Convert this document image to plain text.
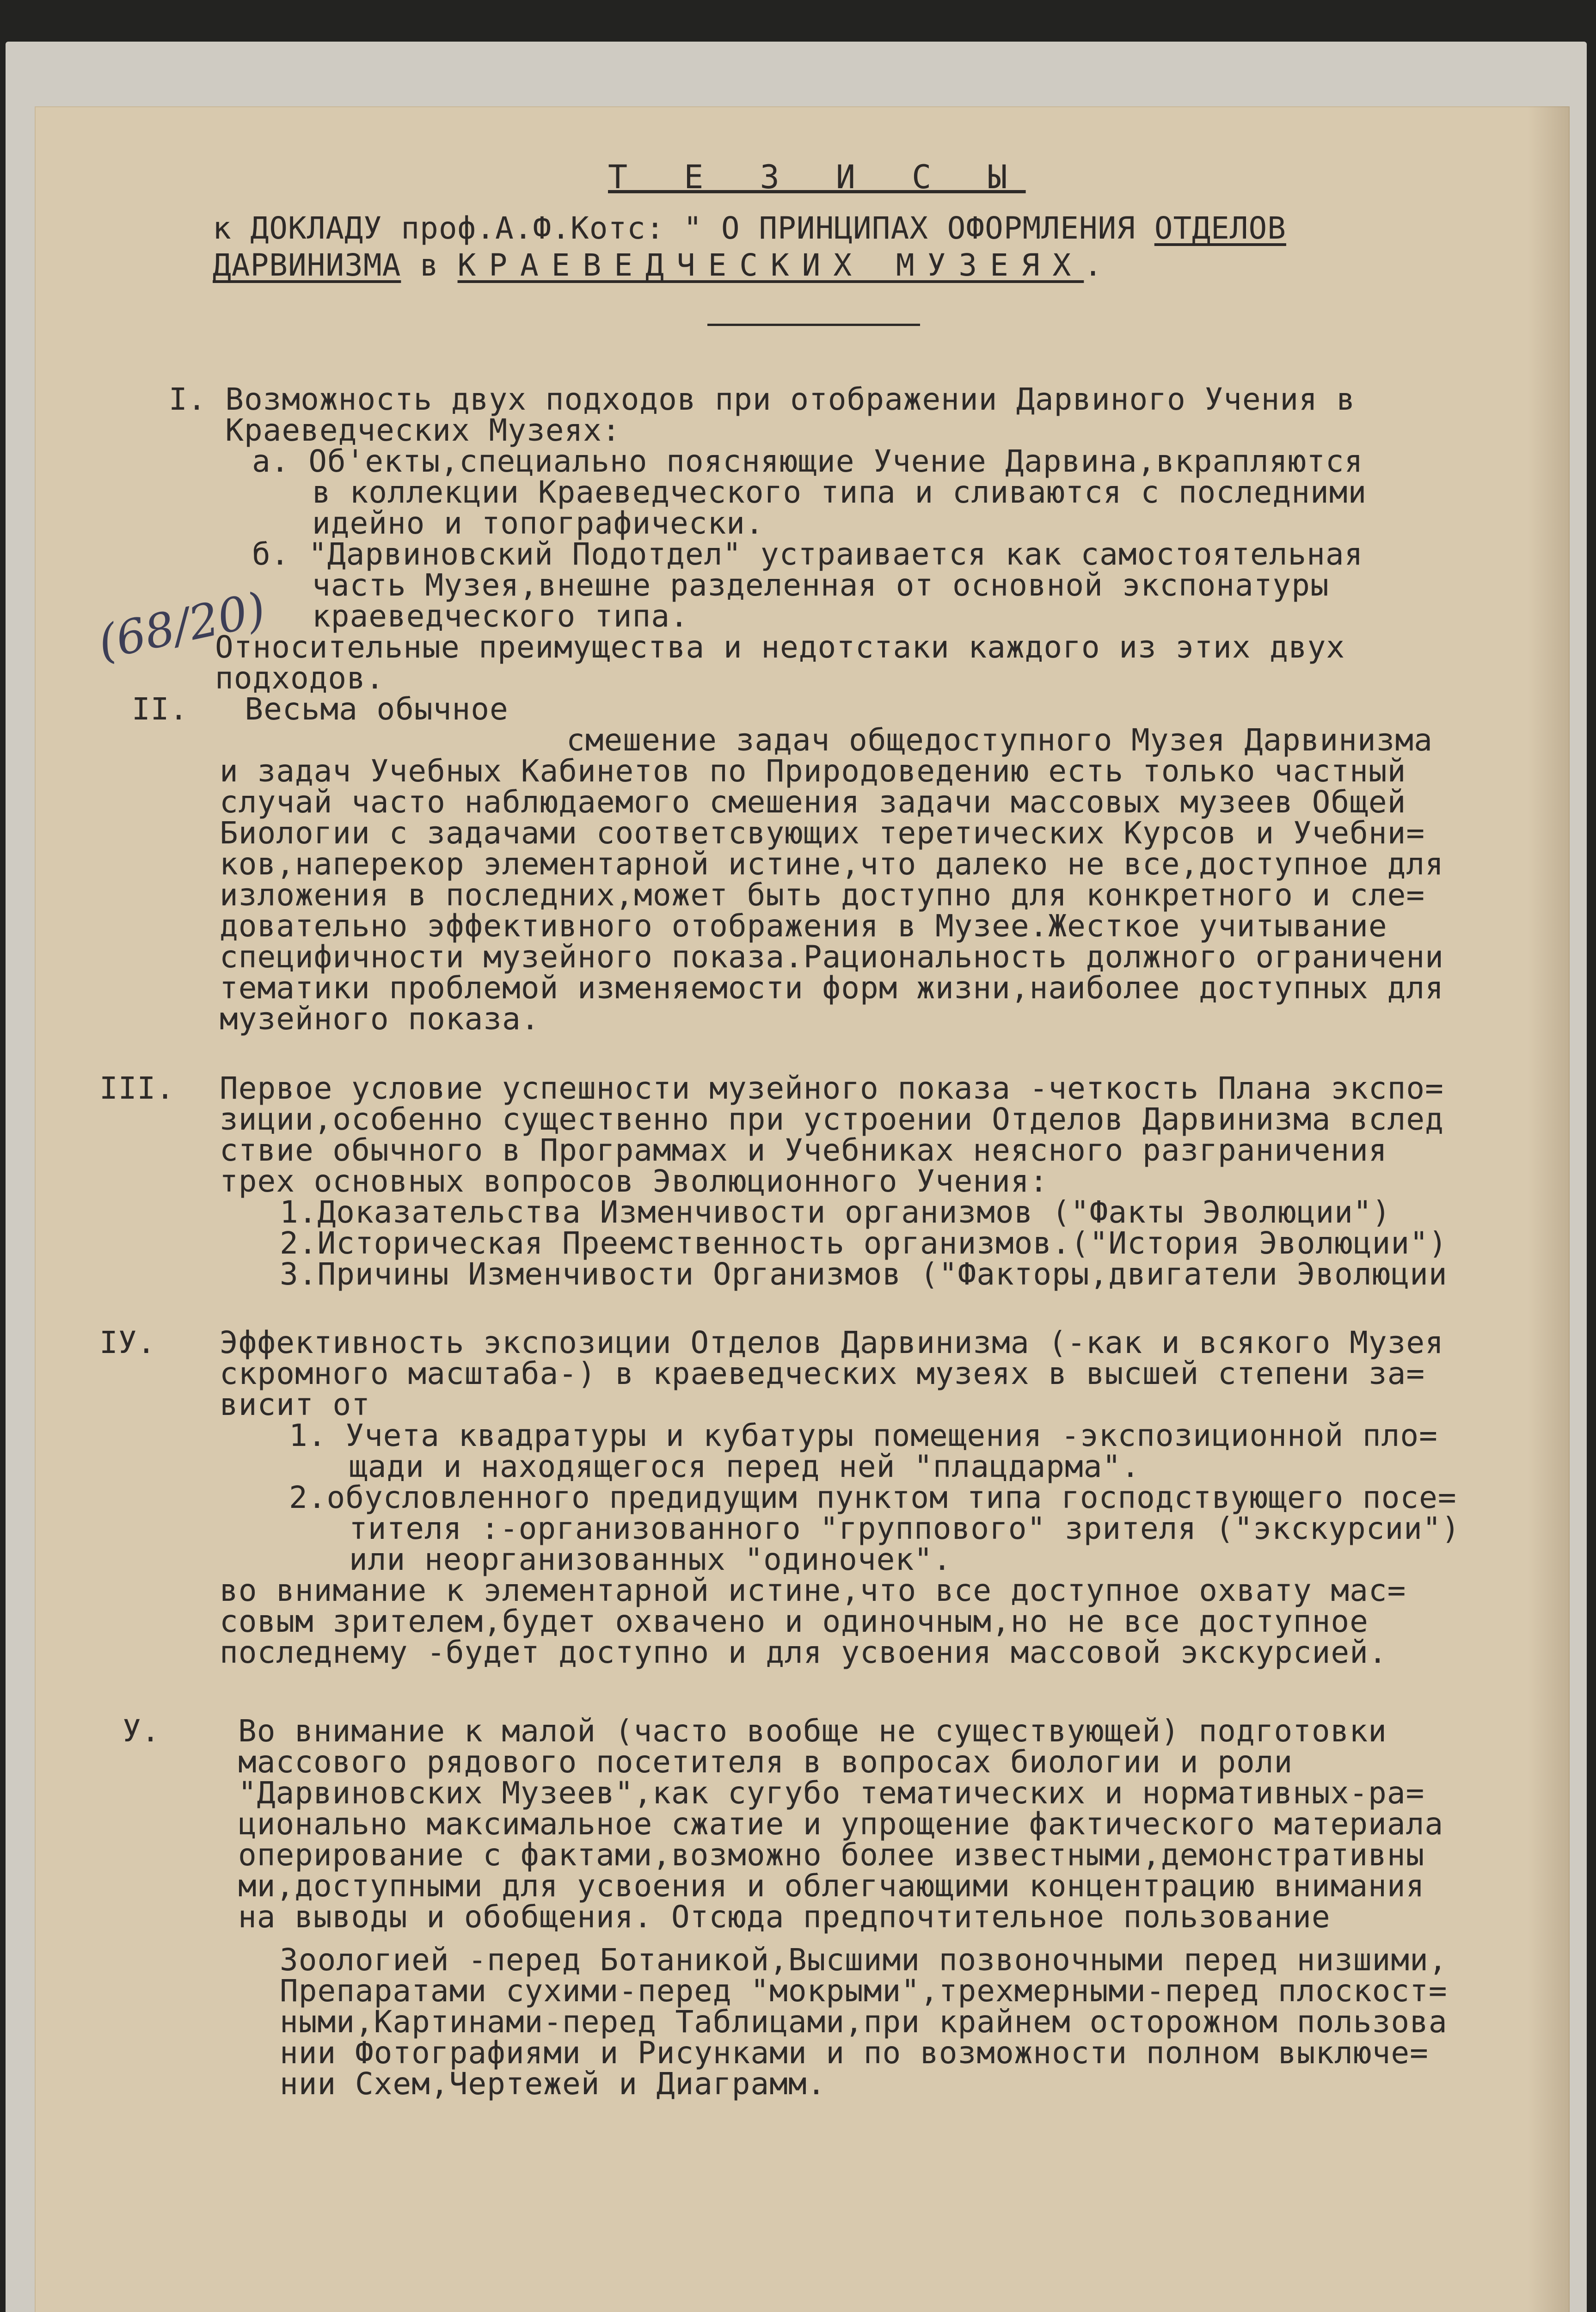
Т Е З И С Ы
к ДОКЛАДУ проф.А.Ф.Котс: " О ПРИНЦИПАХ ОФОРМЛЕНИЯ ОТДЕЛОВ
ДАРВИНИЗМА в КРАЕВЕДЧЕСКИХ МУЗЕЯХ.
(68/20)
I. Возможность двух подходов при отображении Дарвиного Учения в
Краеведческих Музеях:
а. Об'екты,специально поясняющие Учение Дарвина,вкрапляются
в коллекции Краеведческого типа и сливаются с последними
идейно и топографически.
б. "Дарвиновский Подотдел" устраивается как самостоятельная
часть Музея,внешне разделенная от основной экспонатуры
краеведческого типа.
Относительные преимущества и недотстаки каждого из этих двух
подходов.
II.   Весьма обычное
смешение задач общедоступного Музея Дарвинизма
и задач Учебных Кабинетов по Природоведению есть только частный
случай часто наблюдаемого смешения задачи массовых музеев Общей
Биологии с задачами соответсвующих теретических Курсов и Учебни=
ков,наперекор элементарной истине,что далеко не все,доступное для
изложения в последних,может быть доступно для конкретного и сле=
довательно эффективного отображения в Музее.Жесткое учитывание
специфичности музейного показа.Рациональность должного ограничени
тематики проблемой изменяемости форм жизни,наиболее доступных для
музейного показа.
III. Первое условие успешности музейного показа -четкость Плана экспо=
зиции,особенно существенно при устроении Отделов Дарвинизма вслед
ствие обычного в Программах и Учебниках неясного разграничения
трех основных вопросов Эволюционного Учения:
1.Доказательства Изменчивости организмов ("Факты Эволюции")
2.Историческая Преемственность организмов.("История Эволюции")
3.Причины Изменчивости Организмов ("Факторы,двигатели Эволюции
IУ. Эффективность экспозиции Отделов Дарвинизма (-как и всякого Музея
скромного масштаба-) в краеведческих музеях в высшей степени за=
висит от
1. Учета квадратуры и кубатуры помещения -экспозиционной пло=
щади и находящегося перед ней "плацдарма".
2.обусловленного предидущим пунктом типа господствующего посе=
тителя :-организованного "группового" зрителя ("экскурсии")
или неорганизованных "одиночек".
во внимание к элементарной истине,что все доступное охвату мас=
совым зрителем,будет охвачено и одиночным,но не все доступное
последнему -будет доступно и для усвоения массовой экскурсией.
У.	Во внимание к малой (часто вообще не существующей) подготовки
массового рядового посетителя в вопросах биологии и роли
"Дарвиновских Музеев",как сугубо тематических и нормативных-ра=
ционально максимальное сжатие и упрощение фактического материала
оперирование с фактами,возможно более известными,демонстративны
ми,доступными для усвоения и облегчающими концентрацию внимания
на выводы и обобщения. Отсюда предпочтительное пользование
Зоологией -перед Ботаникой,Высшими позвоночными перед низшими,
Препаратами сухими-перед "мокрыми",трехмерными-перед плоскост=
ными,Картинами-перед Таблицами,при крайнем осторожном пользова
нии Фотографиями и Рисунками и по возможности полном выключе=
нии Схем,Чертежей и Диаграмм.
